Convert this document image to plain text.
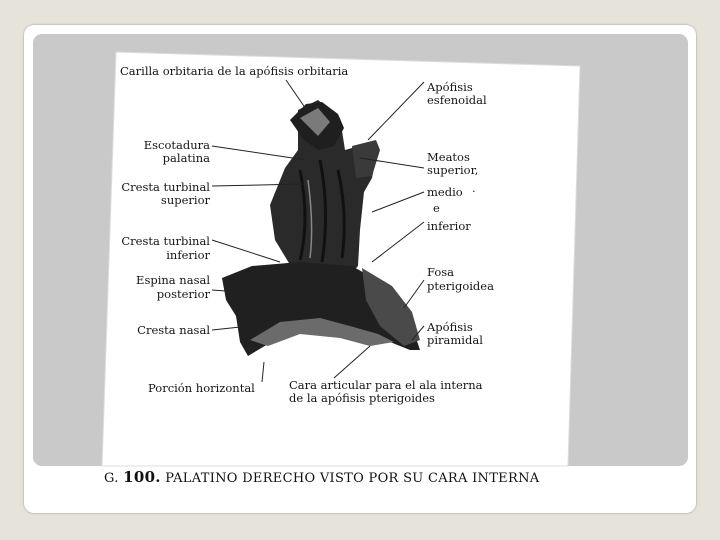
Carilla orbitaria de la apófisis orbitaria
Apófisis
esfenoidal
Escotadura
palatina
Cresta turbinal
superior
Meatos
superior,
medio ·
e
inferior
Cresta turbinal
inferior
Espina nasal
posterior
Fosa
pterigoidea
Cresta nasal	Apófisis
piramidal
Porción horizontal	Cara articular para el ala interna
de la apófisis pterigoides
G. 100. PALATINO DERECHO VISTO POR SU CARA INTERNA
